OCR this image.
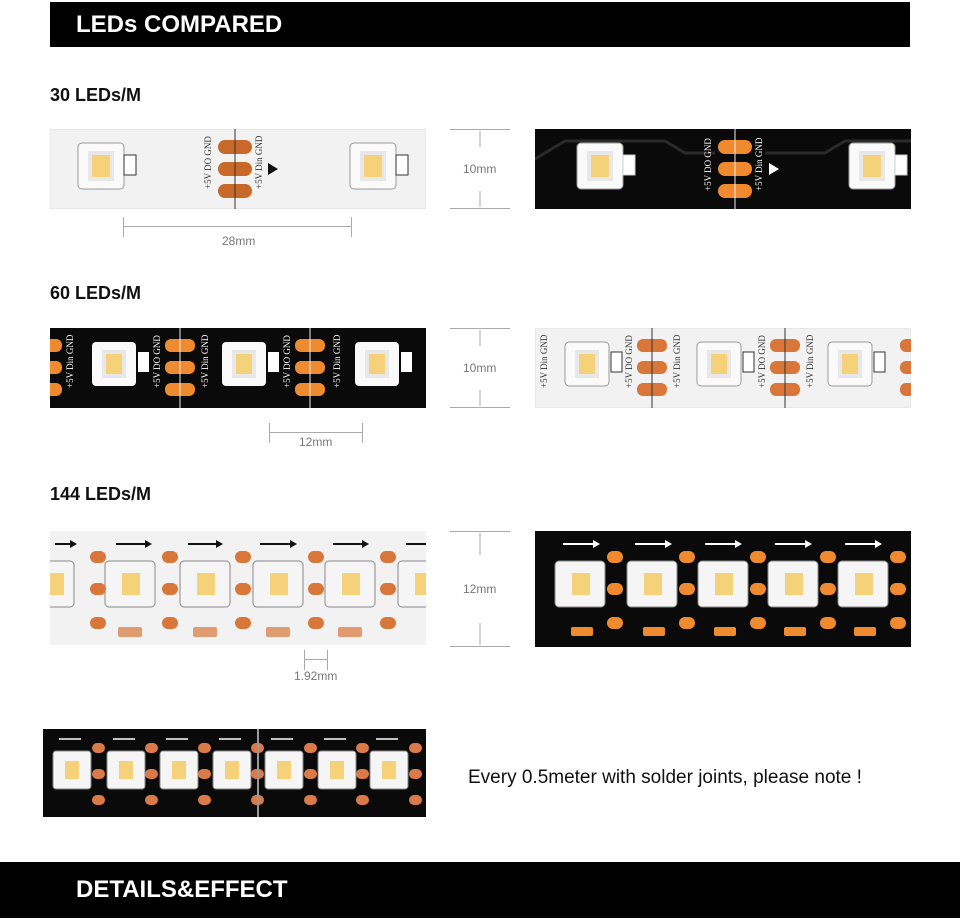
LEDs COMPARED
30 LEDs/M
+5V DO GND	+5V Din GND
28mm
10mm	+5V DO GND	+5V Din GND
60 LEDs/M
+5V Din GND	+5V DO GND	+5V Din GND	+5V DO GND	+5V Din GND
12mm
10mm	+5V Din GND	+5V DO GND	+5V Din GND	+5V DO GND	+5V Din GND
144 LEDs/M
1.92mm
12mm
Every 0.5meter with solder joints, please note !
DETAILS&EFFECT
